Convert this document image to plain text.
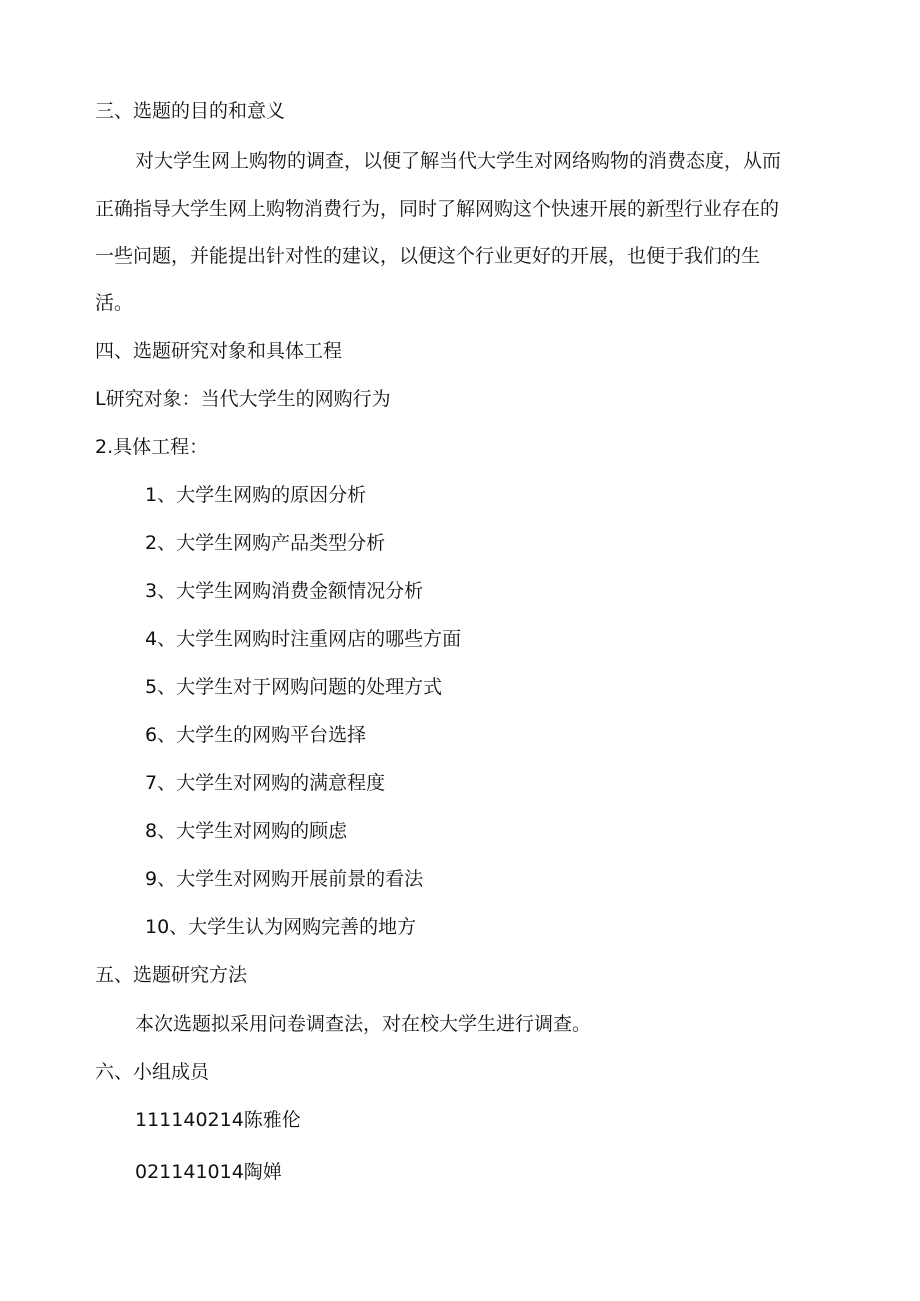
三、选题的目的和意义
对大学生网上购物的调查，以便了解当代大学生对网络购物的消费态度，从而
正确指导大学生网上购物消费行为，同时了解网购这个快速开展的新型行业存在的
一些问题，并能提出针对性的建议，以便这个行业更好的开展，也便于我们的生
活。
四、选题研究对象和具体工程
L研究对象：当代大学生的网购行为
2.具体工程：
1、大学生网购的原因分析
2、大学生网购产品类型分析
3、大学生网购消费金额情况分析
4、大学生网购时注重网店的哪些方面
5、大学生对于网购问题的处理方式
6、大学生的网购平台选择
7、大学生对网购的满意程度
8、大学生对网购的顾虑
9、大学生对网购开展前景的看法
10、大学生认为网购完善的地方
五、选题研究方法
本次选题拟采用问卷调查法，对在校大学生进行调查。
六、小组成员
111140214陈雅伦
021141014陶婵
